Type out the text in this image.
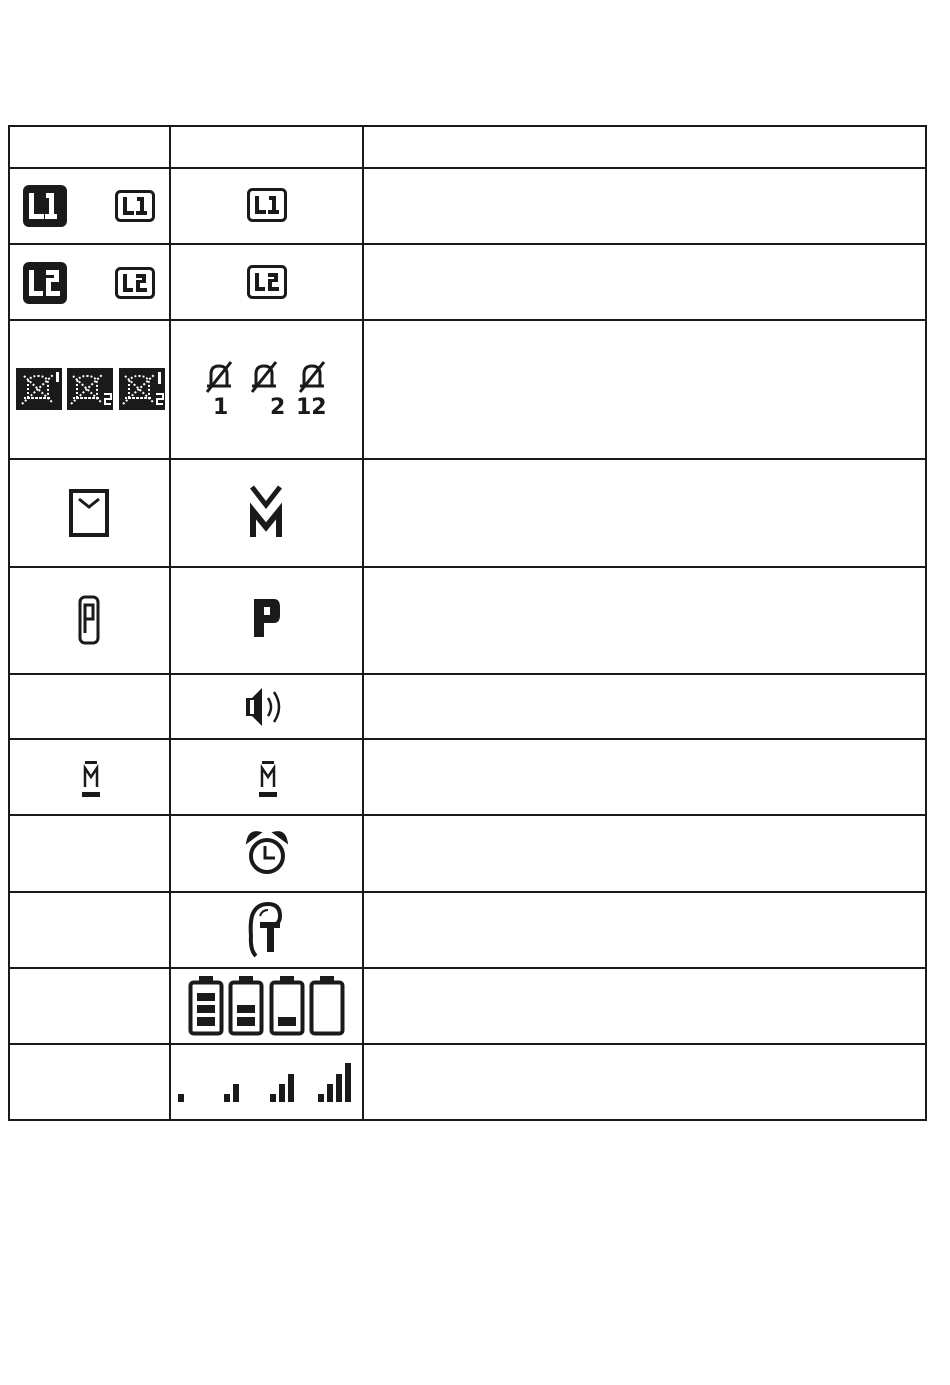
1 2 12
